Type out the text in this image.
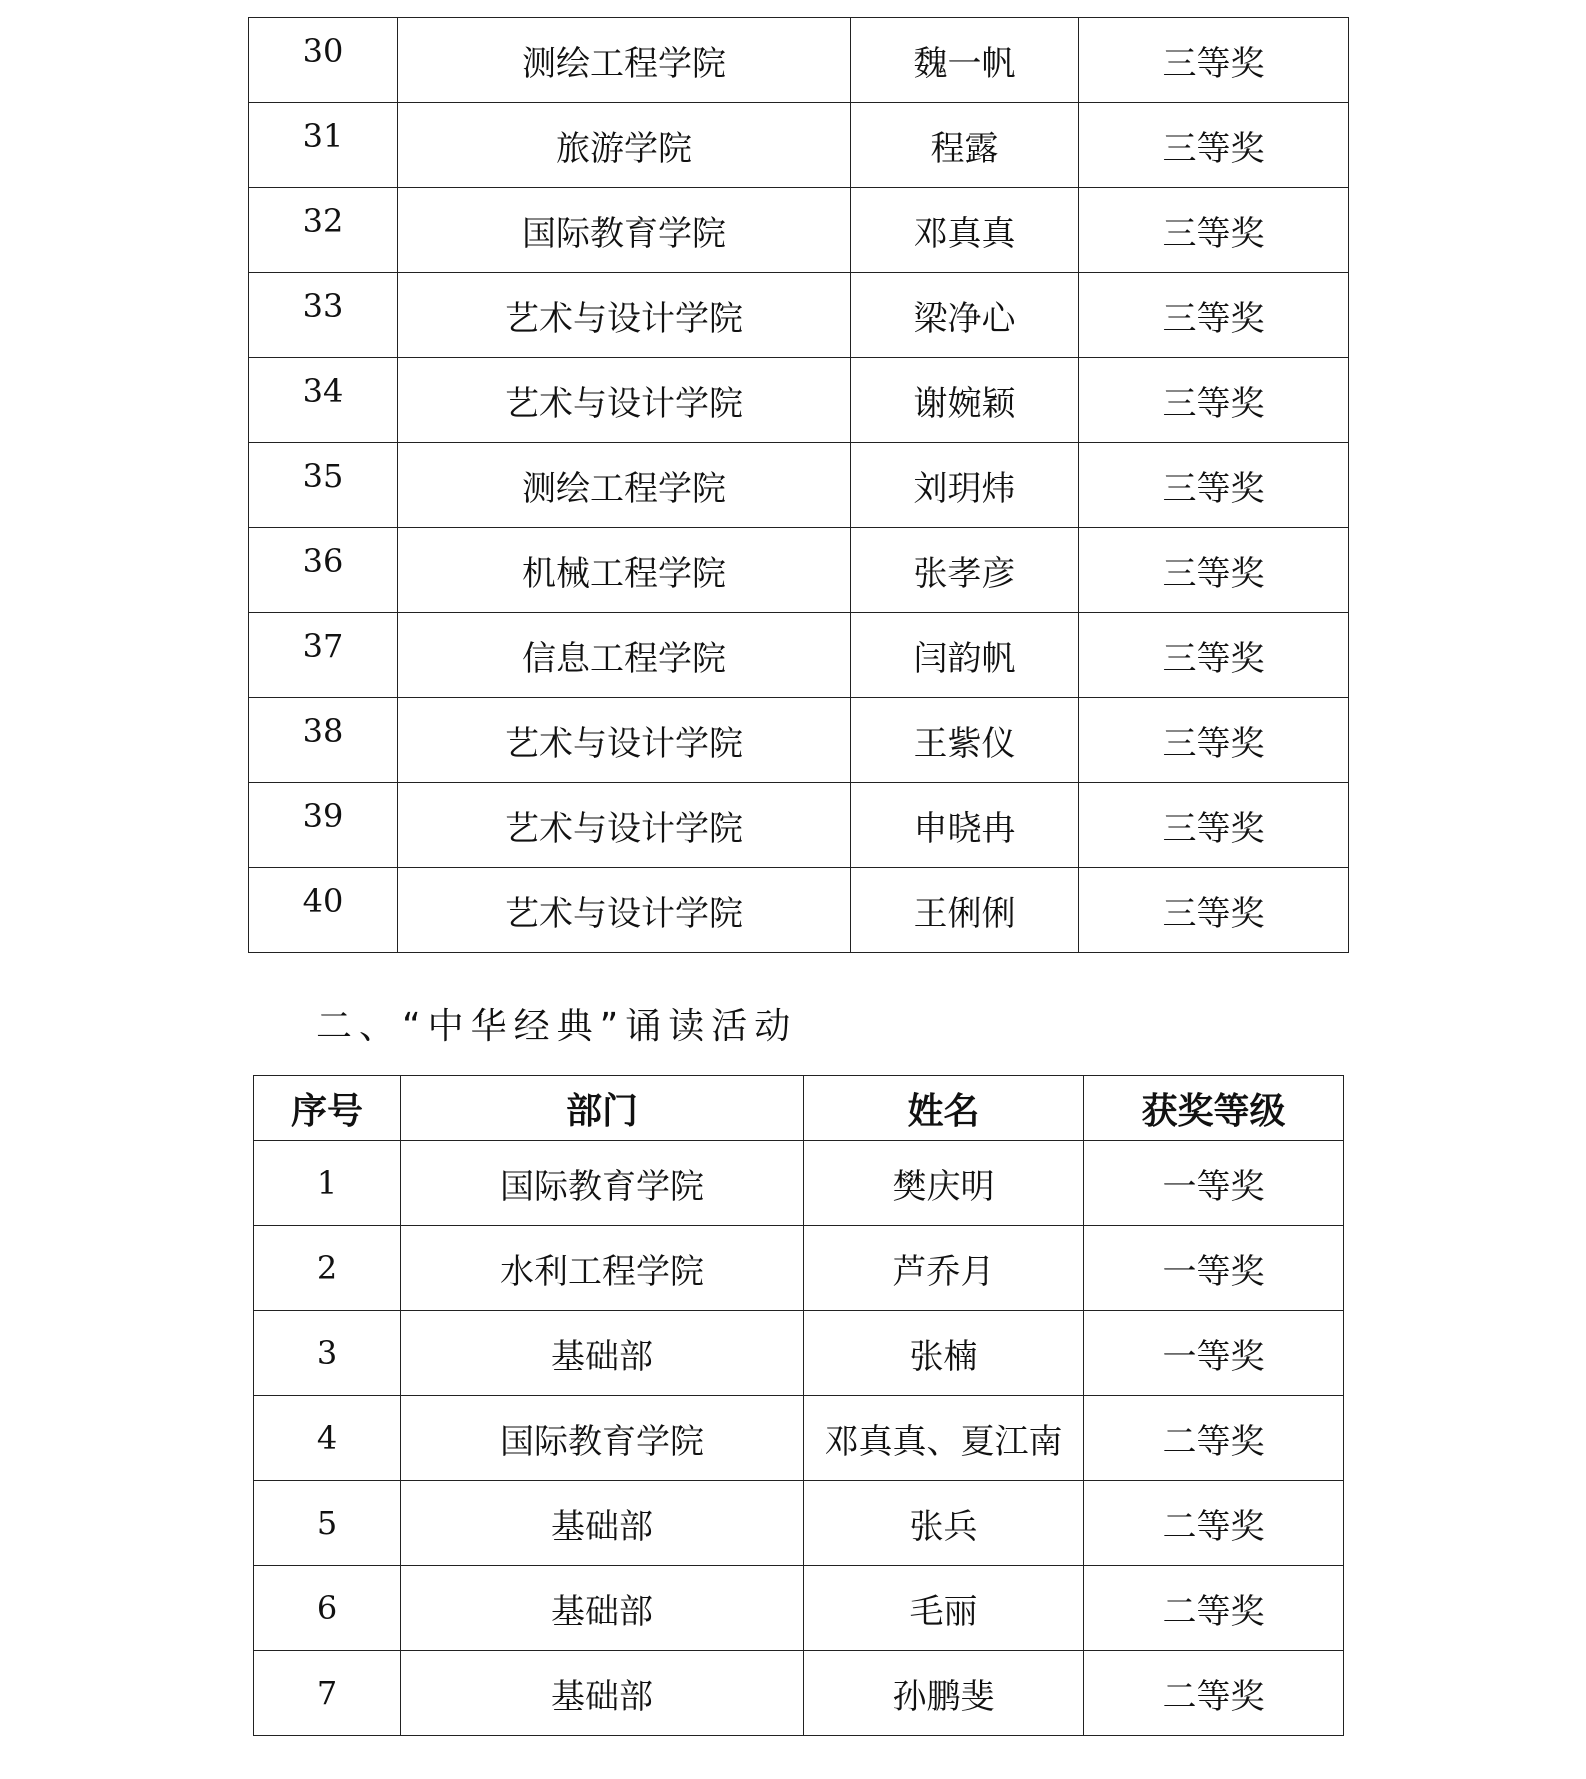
30	测绘工程学院	魏一帆	三等奖
31	旅游学院	程露	三等奖
32	国际教育学院	邓真真	三等奖
33	艺术与设计学院	梁净心	三等奖
34	艺术与设计学院	谢婉颖	三等奖
35	测绘工程学院	刘玥炜	三等奖
36	机械工程学院	张孝彦	三等奖
37	信息工程学院	闫韵帆	三等奖
38	艺术与设计学院	王紫仪	三等奖
39	艺术与设计学院	申晓冉	三等奖
40	艺术与设计学院	王俐俐	三等奖
二、“中华经典”诵读活动
序号	部门	姓名	获奖等级
1	国际教育学院	樊庆明	一等奖
2	水利工程学院	芦乔月	一等奖
3	基础部	张楠	一等奖
4	国际教育学院	邓真真、夏江南	二等奖
5	基础部	张兵	二等奖
6	基础部	毛丽	二等奖
7	基础部	孙鹏斐	二等奖
